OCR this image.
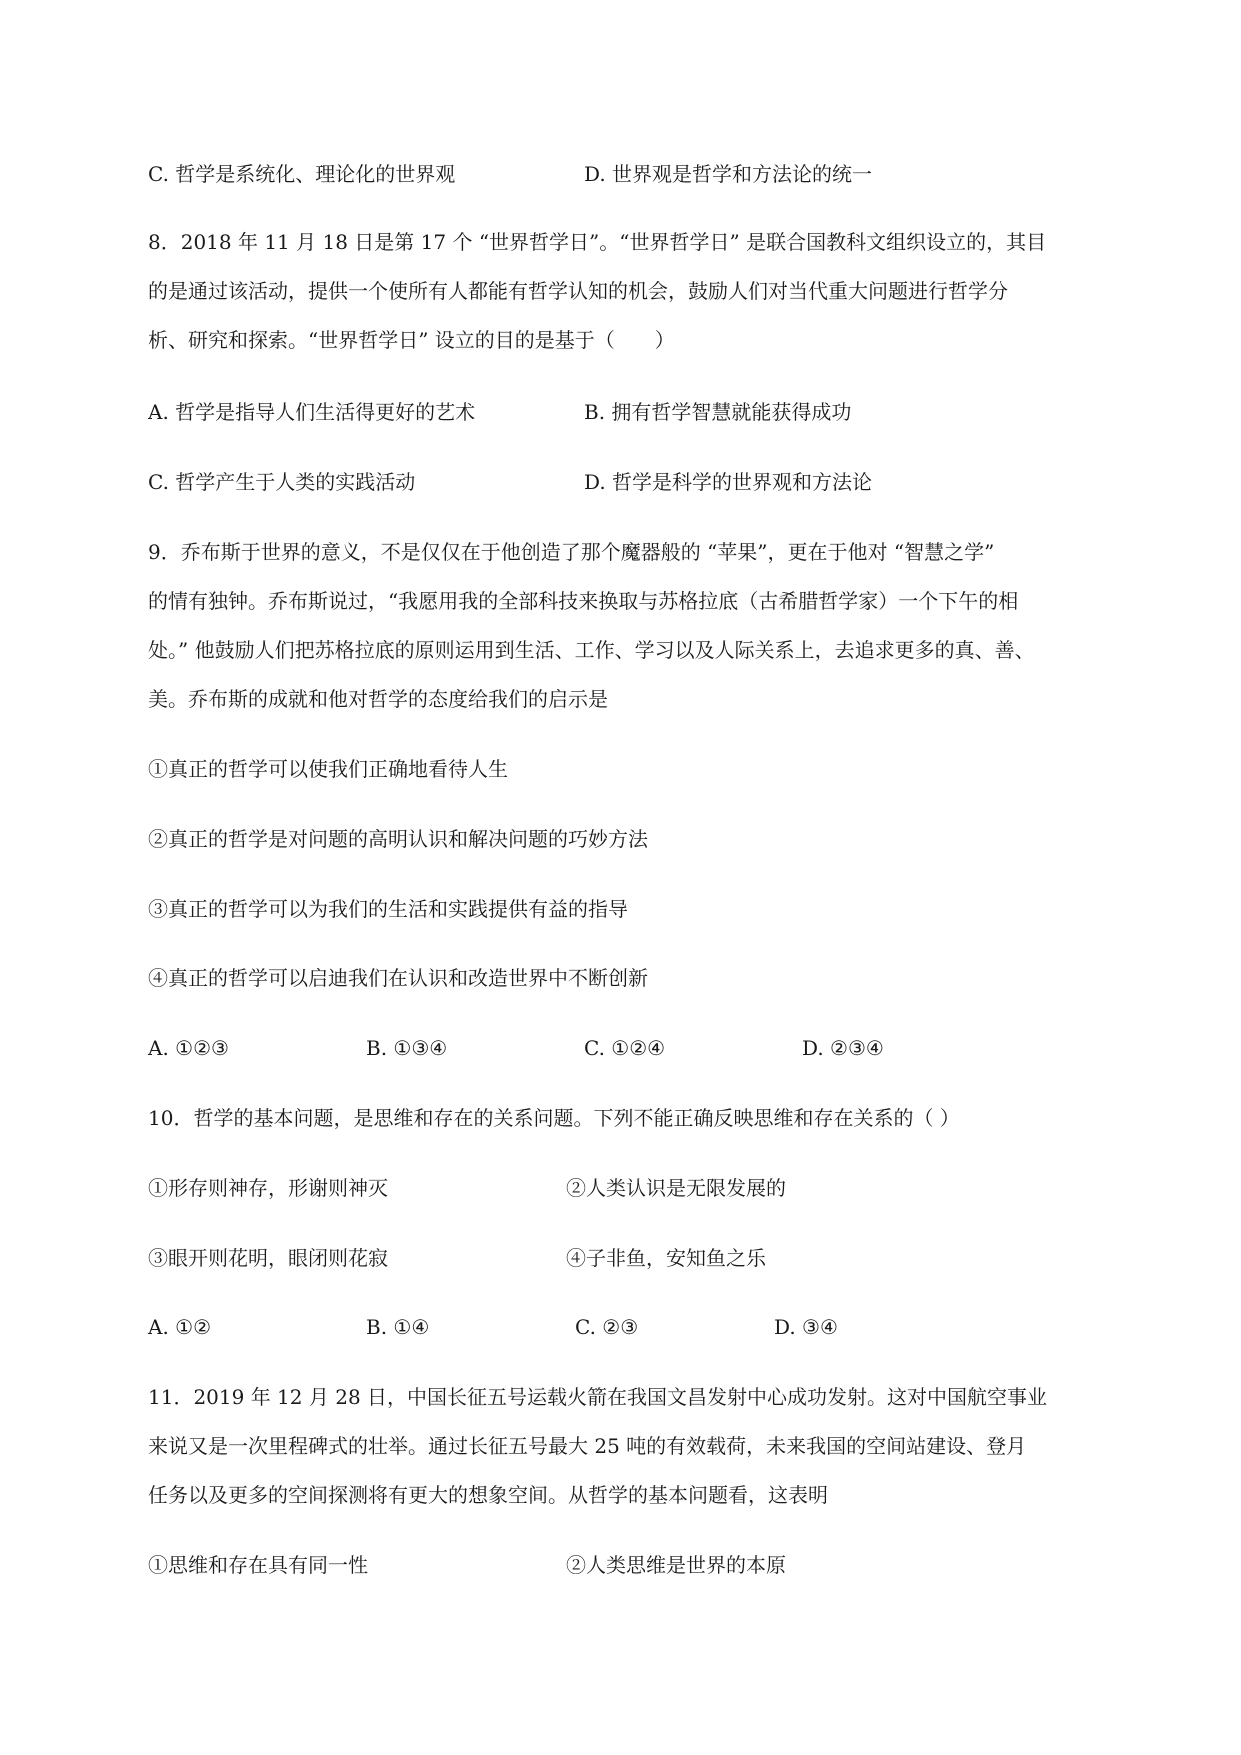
C. 哲学是系统化、理论化的世界观	D. 世界观是哲学和方法论的统一
8．2018 年 11 月 18 日是第 17 个 “世界哲学日”。“世界哲学日” 是联合国教科文组织设立的，其目
的是通过该活动，提供一个使所有人都能有哲学认知的机会，鼓励人们对当代重大问题进行哲学分
析、研究和探索。“世界哲学日” 设立的目的是基于（　　）
A. 哲学是指导人们生活得更好的艺术	B. 拥有哲学智慧就能获得成功
C. 哲学产生于人类的实践活动	D. 哲学是科学的世界观和方法论
9．乔布斯于世界的意义，不是仅仅在于他创造了那个魔器般的 “苹果”，更在于他对 “智慧之学”
的情有独钟。乔布斯说过，“我愿用我的全部科技来换取与苏格拉底（古希腊哲学家）一个下午的相
处。” 他鼓励人们把苏格拉底的原则运用到生活、工作、学习以及人际关系上，去追求更多的真、善、
美。乔布斯的成就和他对哲学的态度给我们的启示是
①真正的哲学可以使我们正确地看待人生
②真正的哲学是对问题的高明认识和解决问题的巧妙方法
③真正的哲学可以为我们的生活和实践提供有益的指导
④真正的哲学可以启迪我们在认识和改造世界中不断创新
A. ①②③	B. ①③④	C. ①②④	D. ②③④
10．哲学的基本问题，是思维和存在的关系问题。下列不能正确反映思维和存在关系的（ ）
①形存则神存，形谢则神灭	②人类认识是无限发展的
③眼开则花明，眼闭则花寂	④子非鱼，安知鱼之乐
A. ①②	B. ①④	C. ②③	D. ③④
11．2019 年 12 月 28 日，中国长征五号运载火箭在我国文昌发射中心成功发射。这对中国航空事业
来说又是一次里程碑式的壮举。通过长征五号最大 25 吨的有效载荷，未来我国的空间站建设、登月
任务以及更多的空间探测将有更大的想象空间。从哲学的基本问题看，这表明
①思维和存在具有同一性	②人类思维是世界的本原
